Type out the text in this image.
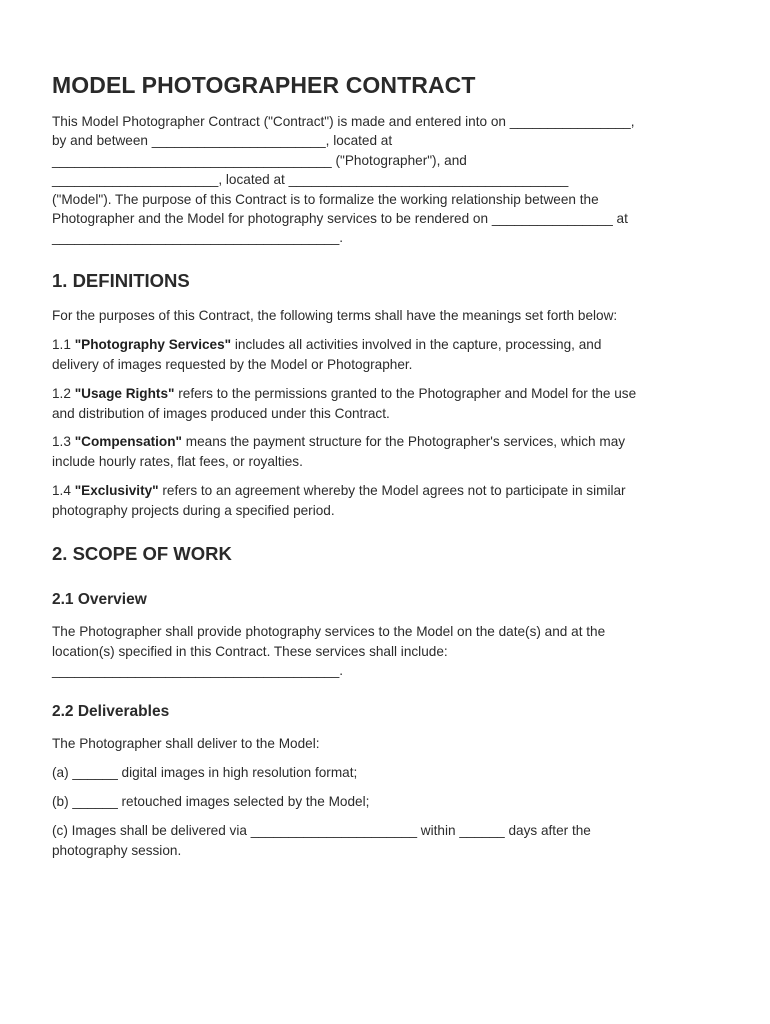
MODEL PHOTOGRAPHER CONTRACT

This Model Photographer Contract ("Contract") is made and entered into on ________________,
by and between _______________________, located at
_____________________________________ ("Photographer"), and
______________________, located at _____________________________________
("Model"). The purpose of this Contract is to formalize the working relationship between the
Photographer and the Model for photography services to be rendered on ________________ at
______________________________________.

1. DEFINITIONS

For the purposes of this Contract, the following terms shall have the meanings set forth below:

1.1 "Photography Services" includes all activities involved in the capture, processing, and
delivery of images requested by the Model or Photographer.

1.2 "Usage Rights" refers to the permissions granted to the Photographer and Model for the use
and distribution of images produced under this Contract.

1.3 "Compensation" means the payment structure for the Photographer's services, which may
include hourly rates, flat fees, or royalties.

1.4 "Exclusivity" refers to an agreement whereby the Model agrees not to participate in similar
photography projects during a specified period.

2. SCOPE OF WORK
2.1 Overview

The Photographer shall provide photography services to the Model on the date(s) and at the
location(s) specified in this Contract. These services shall include:
______________________________________.

2.2 Deliverables

The Photographer shall deliver to the Model:

(a) ______ digital images in high resolution format;

(b) ______ retouched images selected by the Model;

(c) Images shall be delivered via ______________________ within ______ days after the
photography session.
